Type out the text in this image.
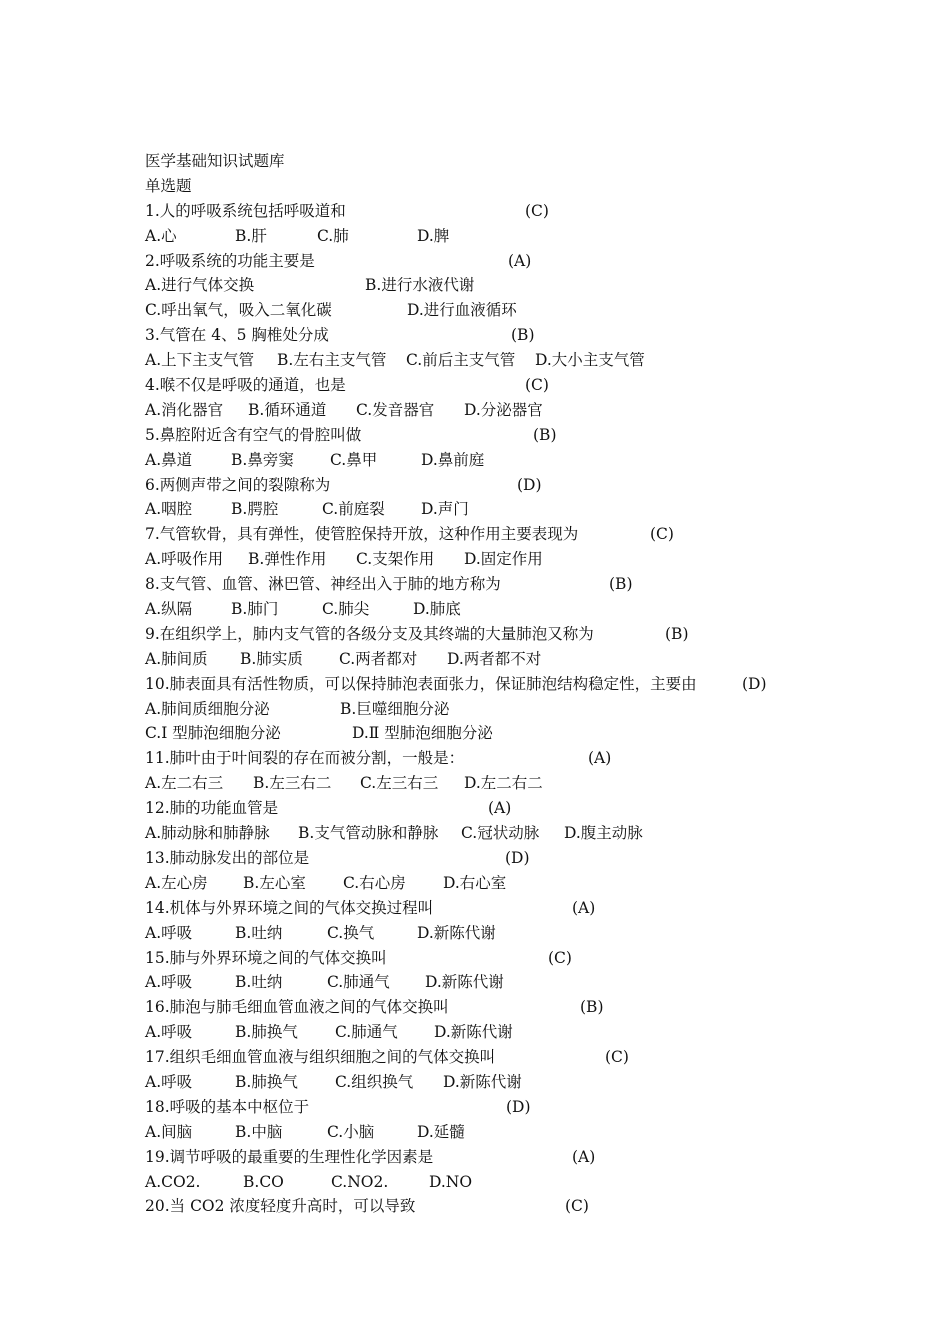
医学基础知识试题库
单选题
1.人的呼吸系统包括呼吸道和	(C)
A.心	B.肝	C.肺	D.脾
2.呼吸系统的功能主要是	(A)
A.进行气体交换	B.进行水液代谢
C.呼出氧气，吸入二氧化碳	D.进行血液循环
3.气管在 4、5 胸椎处分成	(B)
A.上下主支气管 B.左右主支气管 C.前后主支气管 D.大小主支气管
4.喉不仅是呼吸的通道，也是	(C)
A.消化器官 B.循环通道 C.发音器官 D.分泌器官
5.鼻腔附近含有空气的骨腔叫做	(B)
A.鼻道	B.鼻旁窦 C.鼻甲	D.鼻前庭
6.两侧声带之间的裂隙称为	(D)
A.咽腔	B.腭腔	C.前庭裂 D.声门
7.气管软骨，具有弹性，使管腔保持开放，这种作用主要表现为	(C)
A.呼吸作用 B.弹性作用 C.支架作用 D.固定作用
8.支气管、血管、淋巴管、神经出入于肺的地方称为	(B)
A.纵隔	B.肺门	C.肺尖	D.肺底
9.在组织学上，肺内支气管的各级分支及其终端的大量肺泡又称为	(B)
A.肺间质 B.肺实质 C.两者都对 D.两者都不对
10.肺表面具有活性物质，可以保持肺泡表面张力，保证肺泡结构稳定性，主要由	(D)
A.肺间质细胞分泌	B.巨噬细胞分泌
C.Ⅰ 型肺泡细胞分泌	D.Ⅱ 型肺泡细胞分泌
11.肺叶由于叶间裂的存在而被分割，一般是：	(A)
A.左二右三 B.左三右二 C.左三右三 D.左二右二
12.肺的功能血管是	(A)
A.肺动脉和肺静脉 B.支气管动脉和静脉 C.冠状动脉 D.腹主动脉
13.肺动脉发出的部位是	(D)
A.左心房 B.左心室 C.右心房 D.右心室
14.机体与外界环境之间的气体交换过程叫	(A)
A.呼吸	B.吐纳	C.换气	D.新陈代谢
15.肺与外界环境之间的气体交换叫	(C)
A.呼吸	B.吐纳	C.肺通气 D.新陈代谢
16.肺泡与肺毛细血管血液之间的气体交换叫	(B)
A.呼吸	B.肺换气 C.肺通气 D.新陈代谢
17.组织毛细血管血液与组织细胞之间的气体交换叫	(C)
A.呼吸	B.肺换气 C.组织换气 D.新陈代谢
18.呼吸的基本中枢位于	(D)
A.间脑	B.中脑	C.小脑	D.延髓
19.调节呼吸的最重要的生理性化学因素是	(A)
A.CO2.	B.CO	C.NO2.	D.NO
20.当 CO2 浓度轻度升高时，可以导致	(C)
